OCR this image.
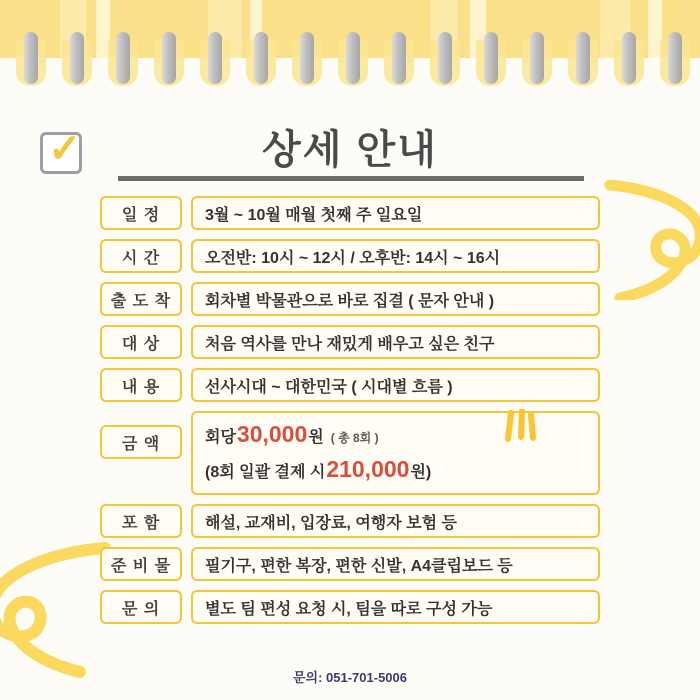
✓	상세 안내
일 정	3월 ~ 10월 매월 첫째 주 일요일
시 간	오전반: 10시 ~ 12시 / 오후반: 14시 ~ 16시
출 도 착	회차별 박물관으로 바로 집결 ( 문자 안내 )
대 상	처음 역사를 만나 재밌게 배우고 싶은 친구
내 용	선사시대 ~ 대한민국 ( 시대별 흐름 )
금 액	회당 30,000 원 ( 총 8회 )
(8회 일괄 결제 시 210,000 원)
포 함	해설, 교재비, 입장료, 여행자 보험 등
준 비 물	필기구, 편한 복장, 편한 신발, A4클립보드 등
문 의	별도 팀 편성 요청 시, 팀을 따로 구성 가능
문의: 051-701-5006
